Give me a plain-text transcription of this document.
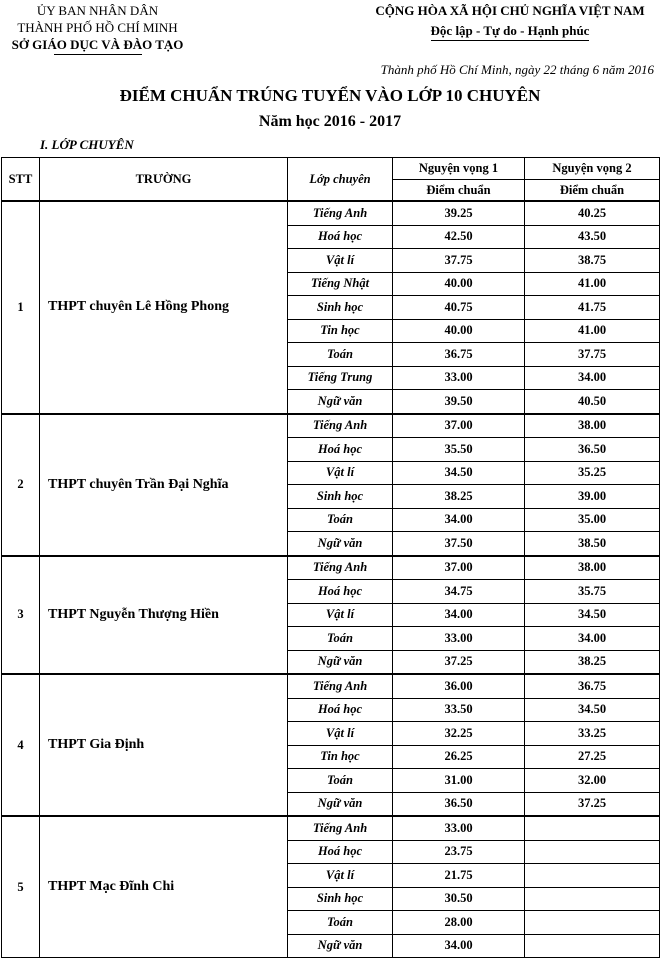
ỦY BAN NHÂN DÂN
THÀNH PHỐ HỒ CHÍ MINH
SỞ GIÁO DỤC VÀ ĐÀO TẠO
CỘNG HÒA XÃ HỘI CHỦ NGHĨA VIỆT NAM
Độc lập - Tự do - Hạnh phúc
Thành phố Hồ Chí Minh, ngày 22 tháng 6 năm 2016
ĐIỂM CHUẨN TRÚNG TUYỂN VÀO LỚP 10 CHUYÊN
Năm học 2016 - 2017
I. LỚP CHUYÊN
STT	TRƯỜNG	Lớp chuyên	Nguyện vọng 1	Nguyện vọng 2
			Điểm chuẩn	Điểm chuẩn
1	THPT chuyên Lê Hồng Phong	Tiếng Anh	39.25	40.25
		Hoá học	42.50	43.50
		Vật lí	37.75	38.75
		Tiếng Nhật	40.00	41.00
		Sinh học	40.75	41.75
		Tin học	40.00	41.00
		Toán	36.75	37.75
		Tiếng Trung	33.00	34.00
		Ngữ văn	39.50	40.50
2	THPT chuyên Trần Đại Nghĩa	Tiếng Anh	37.00	38.00
		Hoá học	35.50	36.50
		Vật lí	34.50	35.25
		Sinh học	38.25	39.00
		Toán	34.00	35.00
		Ngữ văn	37.50	38.50
3	THPT Nguyễn Thượng Hiền	Tiếng Anh	37.00	38.00
		Hoá học	34.75	35.75
		Vật lí	34.00	34.50
		Toán	33.00	34.00
		Ngữ văn	37.25	38.25
4	THPT Gia Định	Tiếng Anh	36.00	36.75
		Hoá học	33.50	34.50
		Vật lí	32.25	33.25
		Tin học	26.25	27.25
		Toán	31.00	32.00
		Ngữ văn	36.50	37.25
5	THPT Mạc Đĩnh Chi	Tiếng Anh	33.00	
		Hoá học	23.75	
		Vật lí	21.75	
		Sinh học	30.50	
		Toán	28.00	
		Ngữ văn	34.00	
